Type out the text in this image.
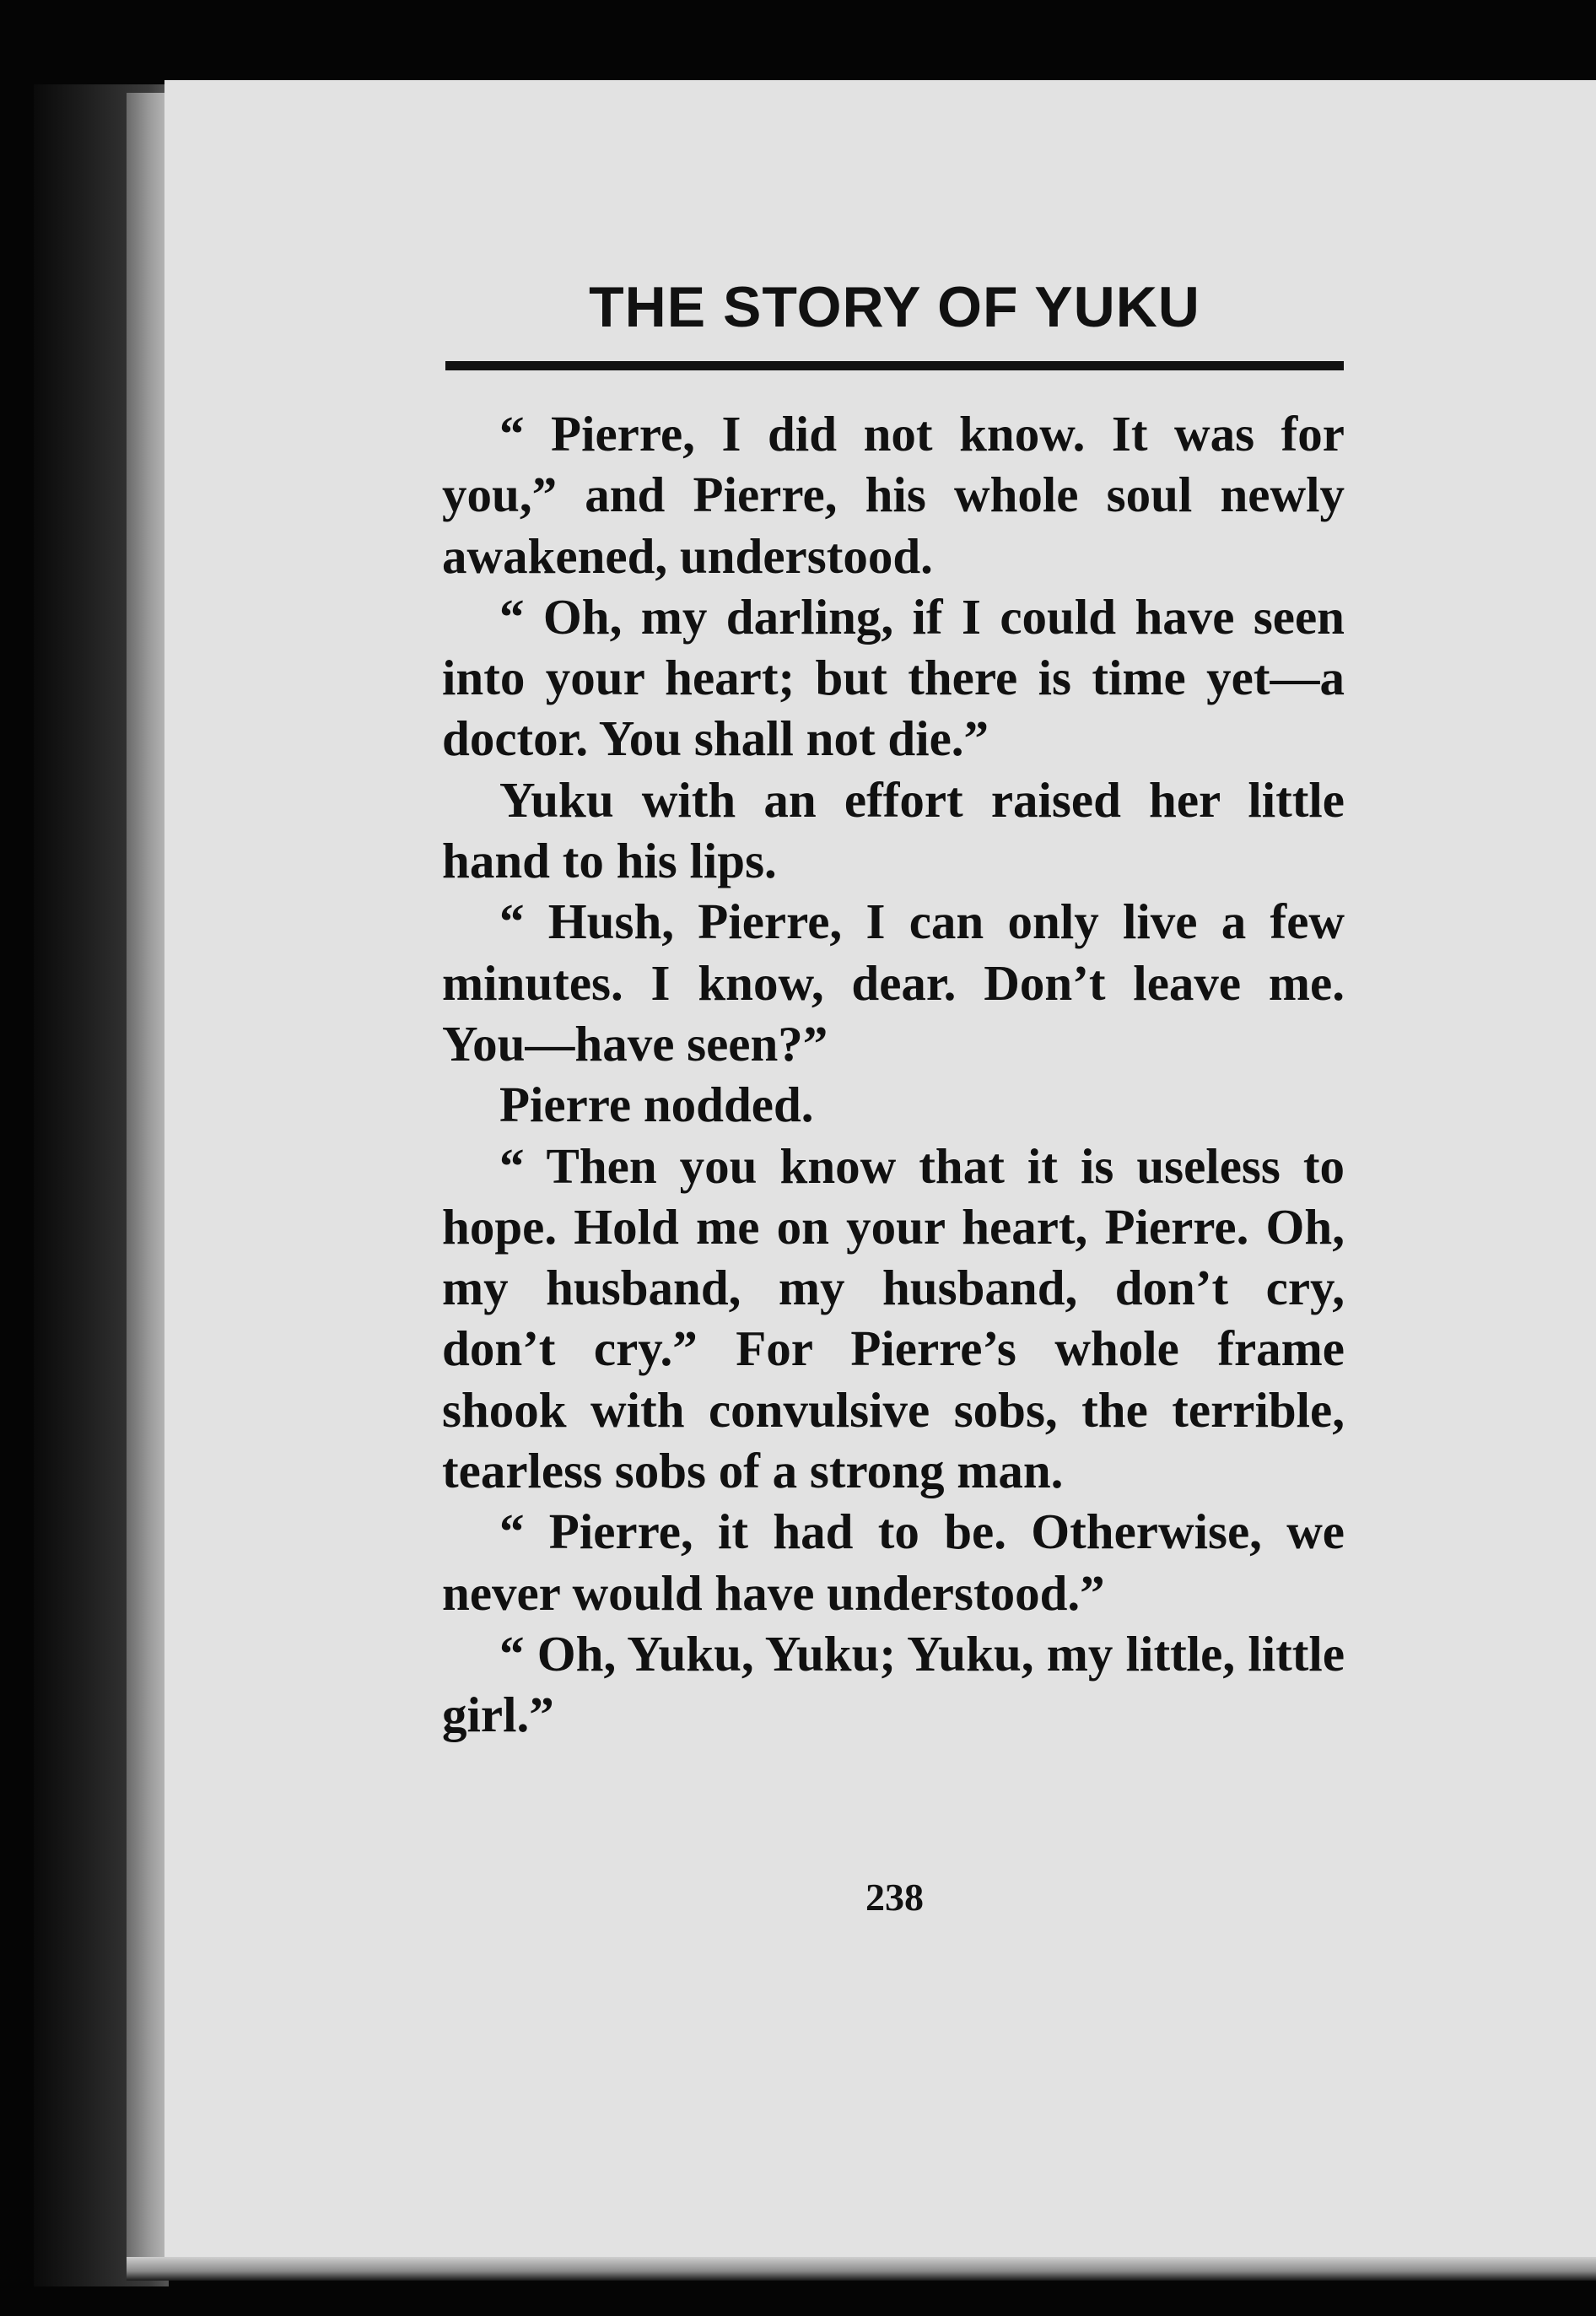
THE STORY OF YUKU

“ Pierre, I did not know. It was for you,” and Pierre, his whole soul newly awakened, understood.

“ Oh, my darling, if I could have seen into your heart; but there is time yet—a doctor. You shall not die.”

Yuku with an effort raised her little hand to his lips.

“ Hush, Pierre, I can only live a few minutes. I know, dear. Don’t leave me. You—have seen?”

Pierre nodded.

“ Then you know that it is useless to hope. Hold me on your heart, Pierre. Oh, my husband, my husband, don’t cry, don’t cry.” For Pierre’s whole frame shook with convulsive sobs, the terrible, tearless sobs of a strong man.

“ Pierre, it had to be. Otherwise, we never would have understood.”

“ Oh, Yuku, Yuku; Yuku, my little, little girl.”

238
